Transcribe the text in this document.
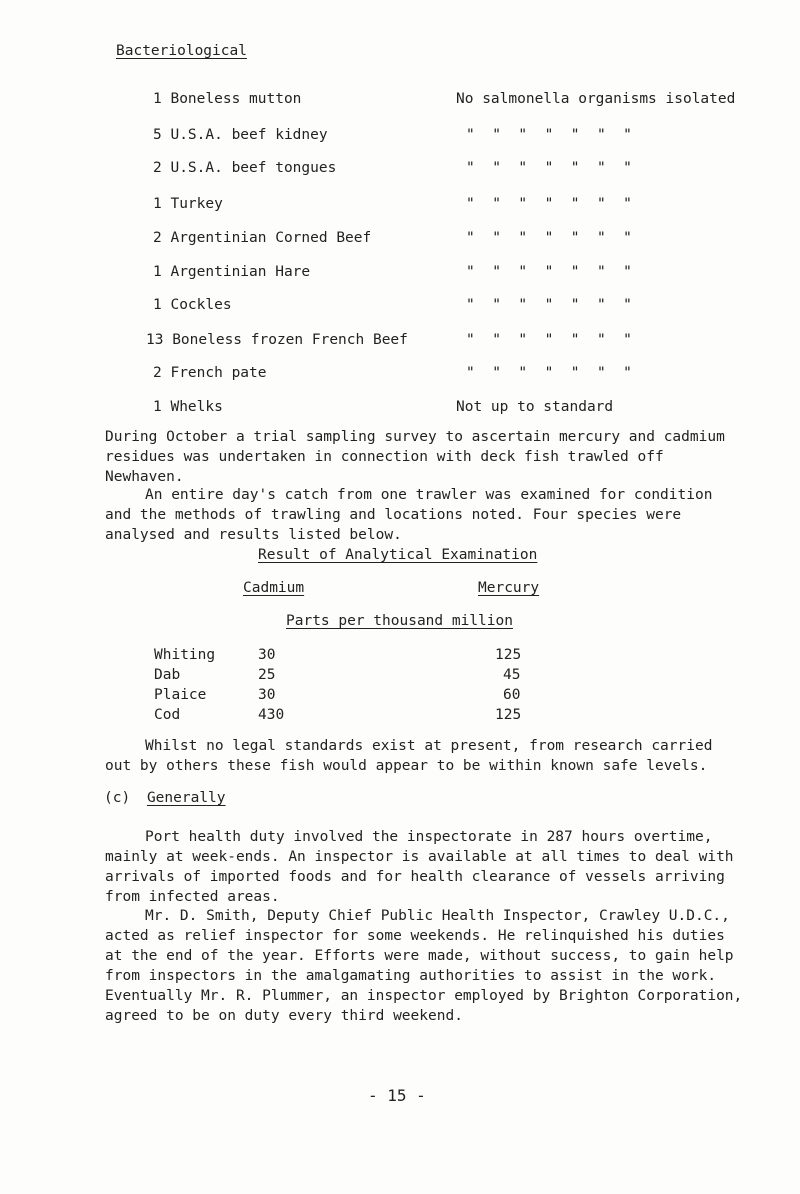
Bacteriological
1 Boneless mutton	No salmonella organisms isolated
5 U.S.A. beef kidney	"  "  "  "  "  "  "
2 U.S.A. beef tongues	"  "  "  "  "  "  "
1 Turkey	"  "  "  "  "  "  "
2 Argentinian Corned Beef	"  "  "  "  "  "  "
1 Argentinian Hare	"  "  "  "  "  "  "
1 Cockles	"  "  "  "  "  "  "
13 Boneless frozen French Beef	"  "  "  "  "  "  "
2 French pate	"  "  "  "  "  "  "
1 Whelks	Not up to standard

During October a trial sampling survey to ascertain mercury and cadmium residues was undertaken in connection with deck fish trawled off Newhaven.

An entire day's catch from one trawler was examined for condition and the methods of trawling and locations noted. Four species were analysed and results listed below.

Result of Analytical Examination
Cadmium	Mercury
Parts per thousand million
Whiting	30	125
Dab	25	45
Plaice	30	60
Cod	430	125

Whilst no legal standards exist at present, from research carried out by others these fish would appear to be within known safe levels.

(c) Generally

Port health duty involved the inspectorate in 287 hours overtime, mainly at week-ends. An inspector is available at all times to deal with arrivals of imported foods and for health clearance of vessels arriving from infected areas.

Mr. D. Smith, Deputy Chief Public Health Inspector, Crawley U.D.C., acted as relief inspector for some weekends. He relinquished his duties at the end of the year. Efforts were made, without success, to gain help from inspectors in the amalgamating authorities to assist in the work. Eventually Mr. R. Plummer, an inspector employed by Brighton Corporation, agreed to be on duty every third weekend.

- 15 -
